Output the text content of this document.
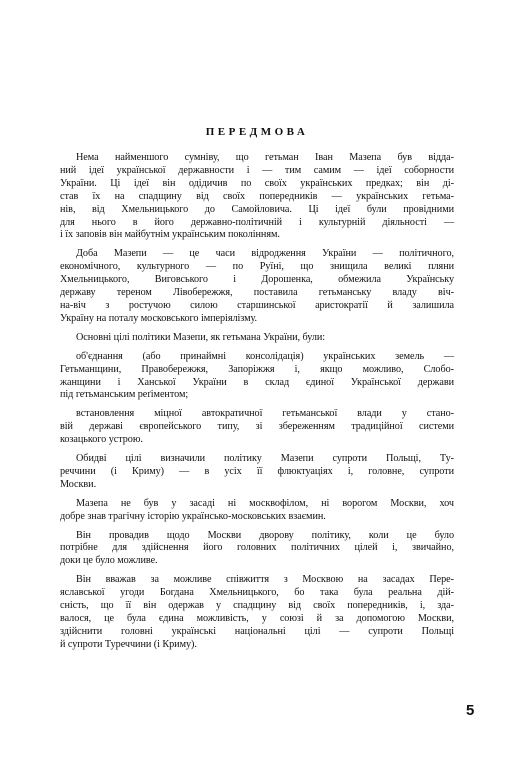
ПЕРЕДМОВА
Нема найменшого сумніву, що гетьман Іван Мазепа був відда-
ний ідеї української державности і — тим самим — ідеї соборности
України. Ці ідеї він одідичив по своїх українських предках; він ді-
став їх на спадщину від своїх попередників — українських гетьма-
нів, від Хмельницького до Самойловича. Ці ідеї були провідними
для нього в його державно-політичній і культурній діяльності —
і їх заповів він майбутнім українським поколінням.
Доба Мазепи — це часи відродження України — політичного,
економічного, культурного — по Руїні, що знищила великі пляни
Хмельницького, Виговського і Дорошенка, обмежила Українську
державу тереном Лівобережжя, поставила гетьманську владу віч-
на-віч з ростучою силою старшинської аристократії й залишила
Україну на поталу московського імперіялізму.
Основні цілі політики Мазепи, як гетьмана України, були:
об'єднання (або принаймні консолідація) українських земель —
Гетьманщини, Правобережжя, Запоріжжя і, якщо можливо, Слобо-
жанщини і Ханської України в склад єдиної Української держави
під гетьманським реґіментом;
встановлення міцної автократичної гетьманської влади у стано-
вій державі європейського типу, зі збереженням традиційної системи
козацького устрою.
Обидві цілі визначили політику Мазепи супроти Польщі, Ту-
реччини (і Криму) — в усіх її флюктуаціях і, головне, супроти
Москви.
Мазепа не був у засаді ні москвофілом, ні ворогом Москви, хоч
добре знав трагічну історію українсько-московських взаємин.
Він провадив щодо Москви дворову політику, коли це було
потрібне для здійснення його головних політичних цілей і, звичайно,
доки це було можливе.
Він вважав за можливе співжиття з Москвою на засадах Пере-
яславської угоди Богдана Хмельницького, бо така була реальна дій-
сність, що її він одержав у спадщину від своїх попередників, і, зда-
валося, це була єдина можливість, у союзі й за допомогою Москви,
здійснити головні українські національні цілі — супроти Польщі
й супроти Туреччини (і Криму).
5
